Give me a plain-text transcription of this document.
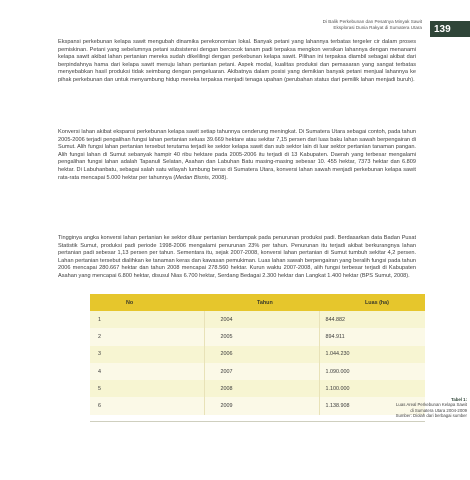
Di Balik Perkebunan dan Pesatnya Minyak Sawit
Eksplorasi Dunia Rakyat di Sumatera Utara	139

Ekspansi perkebunan kelapa sawit mengubah dinamika perekonomian lokal. Banyak petani yang lahannya terbatas tergeler cir dalam proses pemiskinan. Petani yang sebelumnya petani subsistensi dengan bercocok tanam padi terpaksa mengkon versikan lahannya dengan menanami kelapa sawit akibat lahan pertanian mereka sudah dikelilingi dengan perkebunan kelapa sawit. Pilihan ini terpaksa diambil sebagai akibat dari berpindahnya hama dari kelapa sawit menuju lahan pertanian petani. Aspek modal, kualitas produksi dan pemasaran yang sangat terbatas menyebabkan hasil produksi tidak seimbang dengan pengeluaran. Akibatnya dalam posisi yang demikian banyak petani menjual lahannya ke pihak perkebunan dan untuk menyambung hidup mereka terpaksa menjadi tenaga upahan (perubahan status dari pemilik lahan menjadi buruh).

Konversi lahan akibat ekspansi perkebunan kelapa sawit setiap tahunnya cenderung meningkat. Di Sumatera Utara sebagai contoh, pada tahun 2005-2006 terjadi pengalihan fungsi lahan pertanian seluas 39.669 hektare atau sekitar 7,15 persen dari luas baku lahan sawah berpengairan di Sumut. Alih fungsi lahan pertanian tersebut terutama terjadi ke sektor kelapa sawit dan sub sektor lain di luar sektor pertanian tanaman pangan. Alih fungsi lahan di Sumut sebanyak hampir 40 ribu hektare pada 2005-2006 itu terjadi di 13 Kabupaten. Daerah yang terbesar mengalami pengalihan fungsi lahan adalah Tapanuli Selatan, Asahan dan Labuhan Batu masing-masing sebesar 10. 455 hektar, 7373 hektar dan 6.809 hektar. Di Labuhanbatu, sebagai salah satu wilayah lumbung beras di Sumatera Utara, konversi lahan sawah menjadi perkebunan kelapa sawit rata-rata mencapai 5.000 hektar per tahunnya (Medan Bisnis, 2008).

Tingginya angka konversi lahan pertanian ke sektor diluar pertanian berdampak pada penurunan produksi padi. Berdasarkan data Badan Pusat Statistik Sumut, produksi padi periode 1998-2006 mengalami penurunan 23% per tahun. Penurunan itu terjadi akibat berkurangnya lahan pertanian padi sebesar 1,13 persen per tahun. Sementara itu, sejak 2007-2008, konversi lahan pertanian di Sumut tumbuh sekitar 4,2 persen. Lahan pertanian tersebut dialihkan ke tanaman keras dan kawasan pemukiman. Luas lahan sawah berpengairan yang beralih fungsi pada tahun 2006 mencapai 280.667 hektar dan tahun 2008 mencapai 278.560 hektar. Kurun waktu 2007-2008, alih fungsi terbesar terjadi di Kabupaten Asahan yang mencapai 6.800 hektar, disusul Nias 6.700 hektar, Serdang Bedagai 2.300 hektar dan Langkat 1.400 hektar (BPS Sumut, 2008).

No	Tahun	Luas (ha)
1	2004	844.882
2	2005	894.911
3	2006	1.044.230
4	2007	1.090.000
5	2008	1.100.000
6	2009	1.138.908
Tabel 1:
Luas Areal Perkebunan Kelapa Sawit
di Sumatera Utara 2004-2009
Sumber: Diolah dari berbagai sumber
